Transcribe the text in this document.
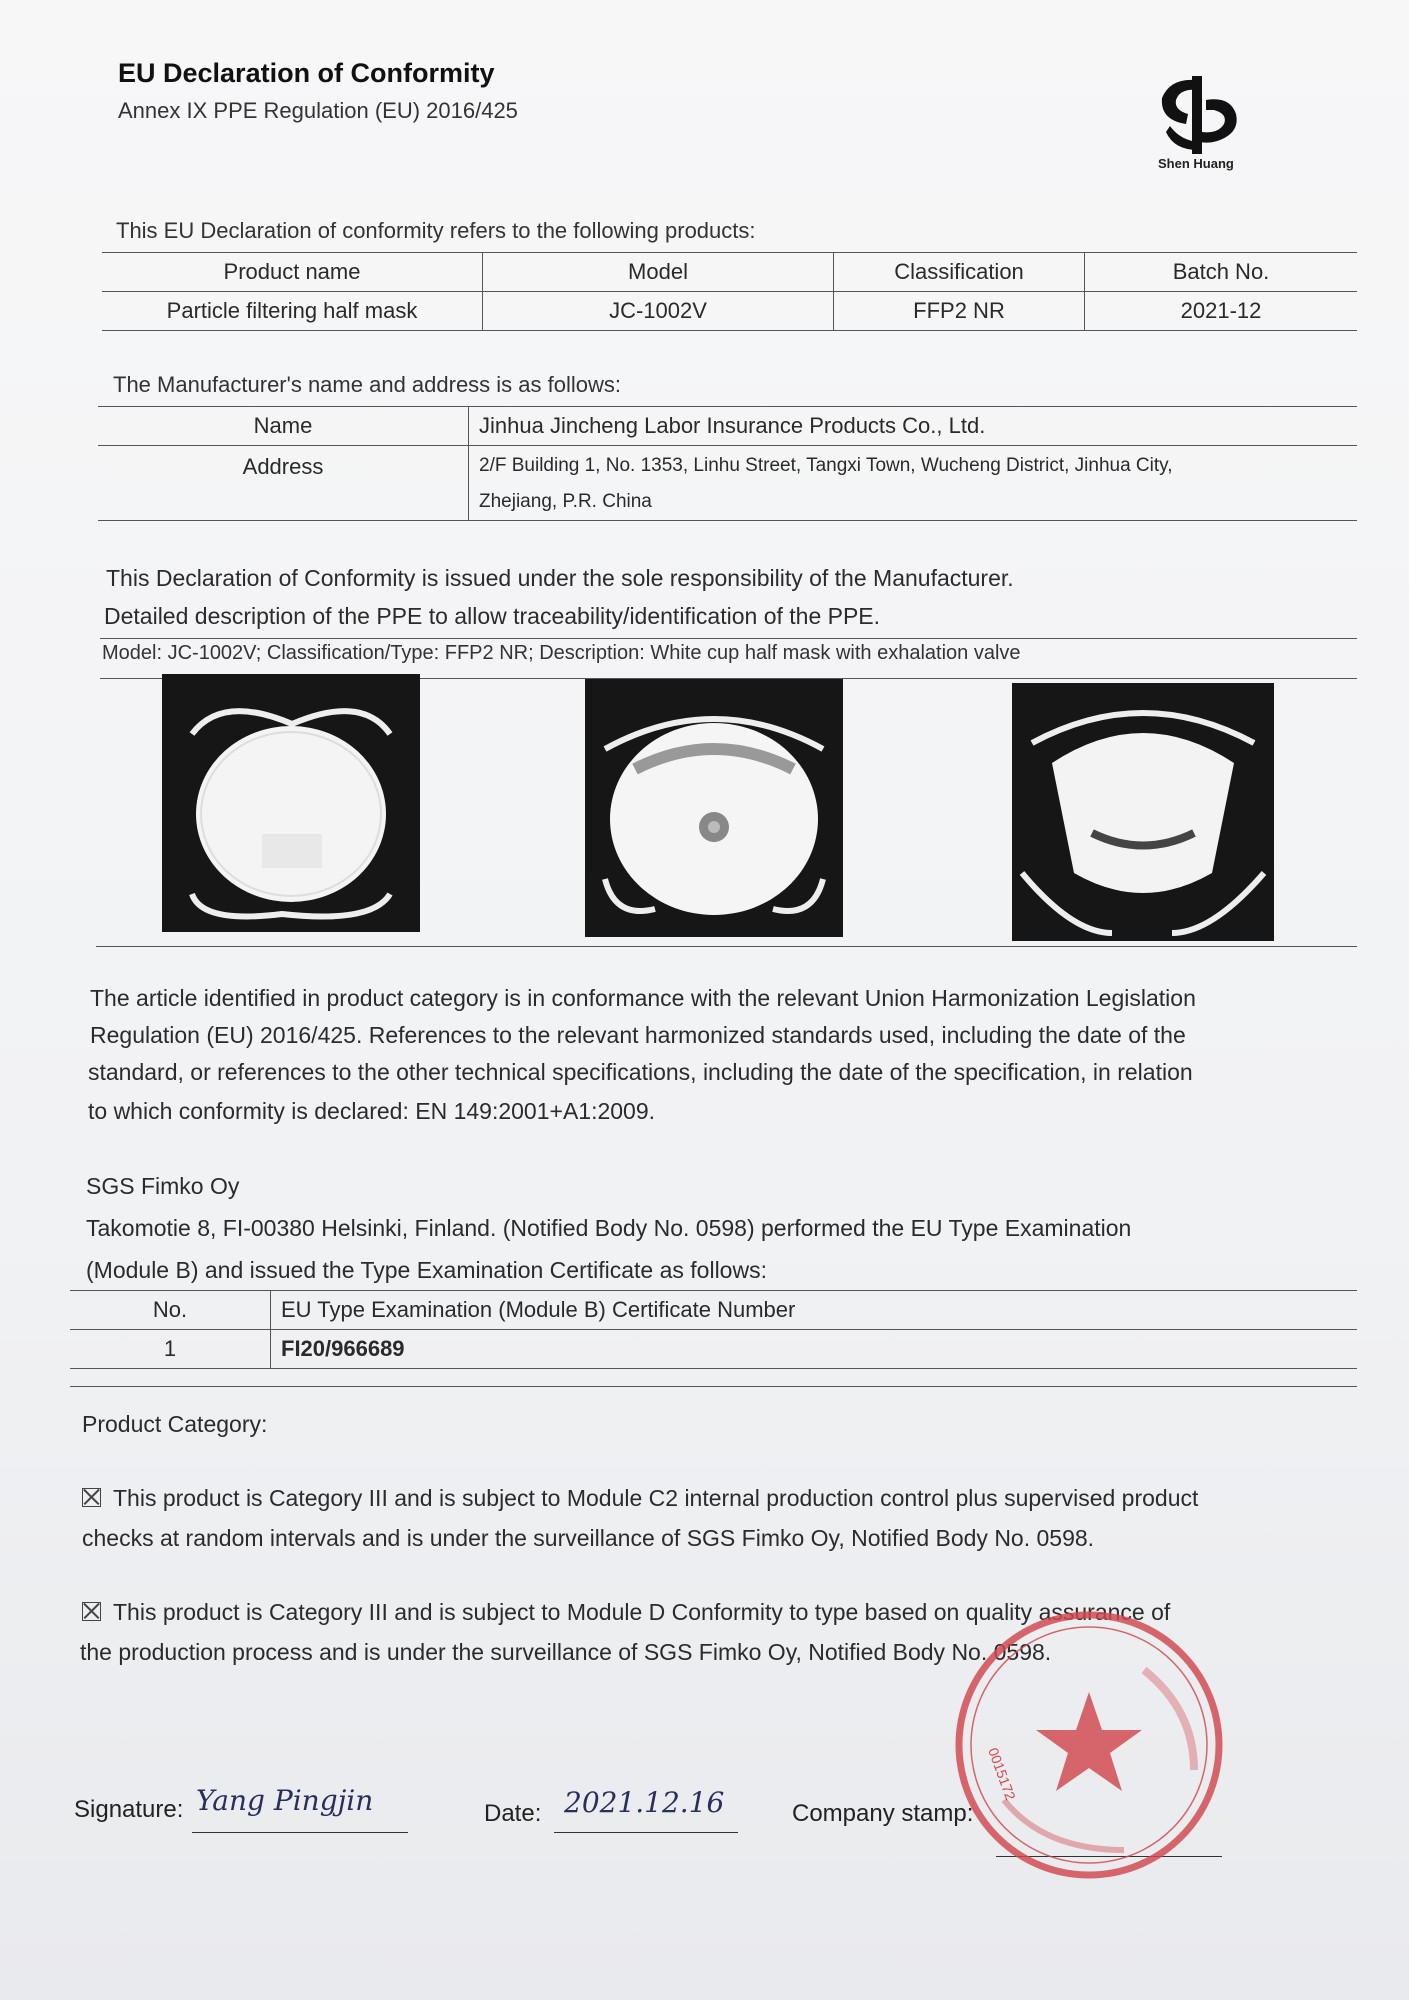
EU Declaration of Conformity
Annex IX PPE Regulation (EU) 2016/425
Shen Huang
This EU Declaration of conformity refers to the following products:
Product name	Model	Classification	Batch No.
Particle filtering half mask	JC-1002V	FFP2 NR	2021-12
The Manufacturer's name and address is as follows:
Name	Jinhua Jincheng Labor Insurance Products Co., Ltd.
Address	2/F Building 1, No. 1353, Linhu Street, Tangxi Town, Wucheng District, Jinhua City,
Zhejiang, P.R. China
This Declaration of Conformity is issued under the sole responsibility of the Manufacturer.
Detailed description of the PPE to allow traceability/identification of the PPE.
Model: JC-1002V; Classification/Type: FFP2 NR; Description: White cup half mask with exhalation valve
The article identified in product category is in conformance with the relevant Union Harmonization Legislation
Regulation (EU) 2016/425. References to the relevant harmonized standards used, including the date of the
standard, or references to the other technical specifications, including the date of the specification, in relation
to which conformity is declared: EN 149:2001+A1:2009.
SGS Fimko Oy
Takomotie 8, FI-00380 Helsinki, Finland. (Notified Body No. 0598) performed the EU Type Examination
(Module B) and issued the Type Examination Certificate as follows:
No.	EU Type Examination (Module B) Certificate Number
1	FI20/966689
Product Category:
This product is Category III and is subject to Module C2 internal production control plus supervised product
checks at random intervals and is under the surveillance of SGS Fimko Oy, Notified Body No. 0598.
This product is Category III and is subject to Module D Conformity to type based on quality assurance of
the production process and is under the surveillance of SGS Fimko Oy, Notified Body No. 0598.
Signature: Yang Pingjin	Date: 2021.12.16	Company stamp:
0015172
